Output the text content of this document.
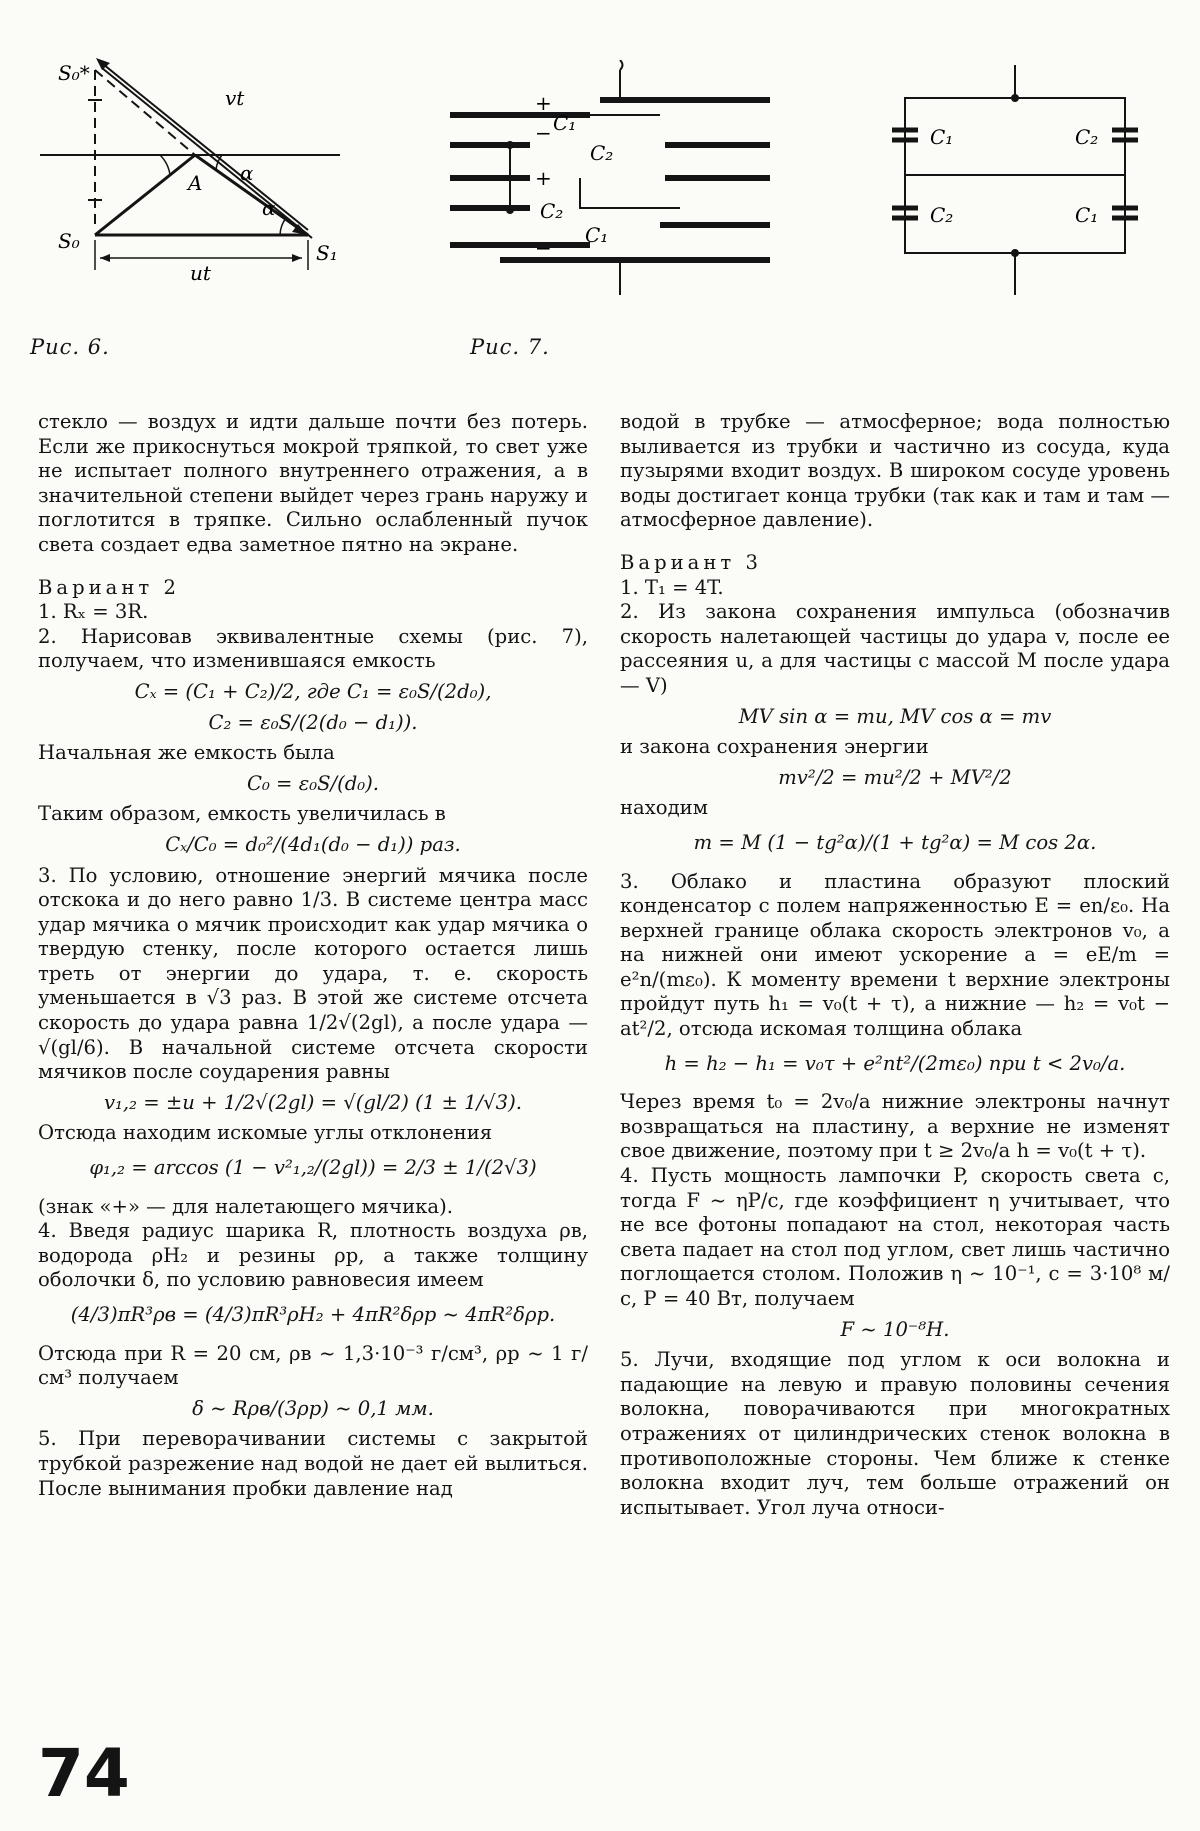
S₀*
S₀	S₁
vt
α
α
A
ut
Рис. 6.
+
− C₁
C₂
+
C₂
C₁
−
C₁	C₂
C₂	C₁
Рис. 7.

стекло — воздух и идти дальше почти без потерь. Если же прикоснуться мокрой тряпкой, то свет уже не испытает полного внутреннего отражения, а в значительной степени выйдет через грань наружу и поглотится в тряпке. Сильно ослабленный пучок света создает едва заметное пятно на экране.

Вариант 2

1. Rₓ = 3R.

2. Нарисовав эквивалентные схемы (рис. 7), получаем, что изменившаяся емкость

Cₓ = (C₁ + C₂)/2, где C₁ = ε₀S/(2d₀),

C₂ = ε₀S/(2(d₀ − d₁)).

Начальная же емкость была

C₀ = ε₀S/(d₀).

Таким образом, емкость увеличилась в

Cₓ/C₀ = d₀²/(4d₁(d₀ − d₁)) раз.

3. По условию, отношение энергий мячика после отскока и до него равно 1/3. В системе центра масс удар мячика о мячик происходит как удар мячика о твердую стенку, после которого остается лишь треть от энергии до удара, т. е. скорость уменьшается в √3 раз. В этой же системе отсчета скорость до удара равна 1/2√(2gl), а после удара — √(gl/6). В начальной системе отсчета скорости мячиков после соударения равны

v₁,₂ = ±u + 1/2√(2gl) = √(gl/2) (1 ± 1/√3).

Отсюда находим искомые углы отклонения

φ₁,₂ = arccos (1 − v²₁,₂/(2gl)) = 2/3 ± 1/(2√3)

(знак «+» — для налетающего мячика).

4. Введя радиус шарика R, плотность воздуха ρв, водорода ρH₂ и резины ρр, а также толщину оболочки δ, по условию равновесия имеем

(4/3)πR³ρв = (4/3)πR³ρH₂ + 4πR²δρр ~ 4πR²δρр.

Отсюда при R = 20 см, ρв ~ 1,3·10⁻³ г/см³, ρр ~ 1 г/см³ получаем

δ ~ Rρв/(3ρр) ~ 0,1 мм.

5. При переворачивании системы с закрытой трубкой разрежение над водой не дает ей вылиться. После вынимания пробки давление над

водой в трубке — атмосферное; вода полностью выливается из трубки и частично из сосуда, куда пузырями входит воздух. В широком сосуде уровень воды достигает конца трубки (так как и там и там — атмосферное давление).

Вариант 3

1. T₁ = 4T.

2. Из закона сохранения импульса (обозначив скорость налетающей частицы до удара v, после ее рассеяния u, а для частицы с массой M после удара — V)

MV sin α = mu, MV cos α = mv

и закона сохранения энергии

mv²/2 = mu²/2 + MV²/2

находим

m = M (1 − tg²α)/(1 + tg²α) = M cos 2α.

3. Облако и пластина образуют плоский конденсатор с полем напряженностью E = en/ε₀. На верхней границе облака скорость электронов v₀, а на нижней они имеют ускорение a = eE/m = e²n/(mε₀). К моменту времени t верхние электроны пройдут путь h₁ = v₀(t + τ), а нижние — h₂ = v₀t − at²/2, отсюда искомая толщина облака

h = h₂ − h₁ = v₀τ + e²nt²/(2mε₀) при t < 2v₀/a.

Через время t₀ = 2v₀/a нижние электроны начнут возвращаться на пластину, а верхние не изменят свое движение, поэтому при t ≥ 2v₀/a h = v₀(t + τ).

4. Пусть мощность лампочки P, скорость света c, тогда F ~ ηP/c, где коэффициент η учитывает, что не все фотоны попадают на стол, некоторая часть света падает на стол под углом, свет лишь частично поглощается столом. Положив η ~ 10⁻¹, c = 3·10⁸ м/с, P = 40 Вт, получаем

F ~ 10⁻⁸H.

5. Лучи, входящие под углом к оси волокна и падающие на левую и правую половины сечения волокна, поворачиваются при многократных отражениях от цилиндрических стенок волокна в противоположные стороны. Чем ближе к стенке волокна входит луч, тем больше отражений он испытывает. Угол луча относи-

74
